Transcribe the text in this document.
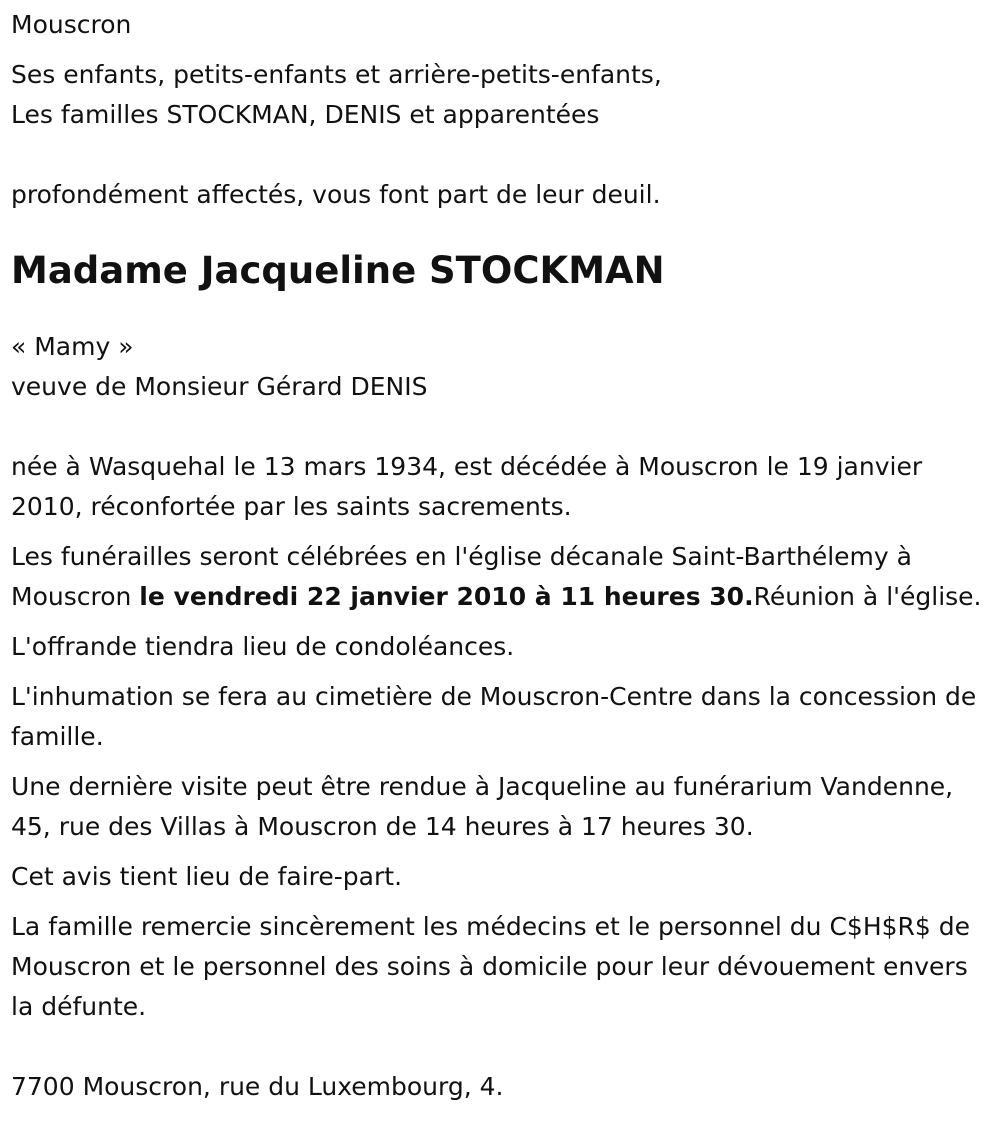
Mouscron

Ses enfants, petits-enfants et arrière-petits-enfants,
Les familles STOCKMAN, DENIS et apparentées

profondément affectés, vous font part de leur deuil.

Madame Jacqueline STOCKMAN
« Mamy »
veuve de Monsieur Gérard DENIS

née à Wasquehal le 13 mars 1934, est décédée à Mouscron le 19 janvier 2010, réconfortée par les saints sacrements.

Les funérailles seront célébrées en l'église décanale Saint-Barthélemy à Mouscron le vendredi 22 janvier 2010 à 11 heures 30.Réunion à l'église.

L'offrande tiendra lieu de condoléances.

L'inhumation se fera au cimetière de Mouscron-Centre dans la concession de famille.

Une dernière visite peut être rendue à Jacqueline au funérarium Vandenne, 45, rue des Villas à Mouscron de 14 heures à 17 heures 30.

Cet avis tient lieu de faire-part.

La famille remercie sincèrement les médecins et le personnel du C$H$R$ de Mouscron et le personnel des soins à domicile pour leur dévouement envers la défunte.

7700 Mouscron, rue du Luxembourg, 4.
